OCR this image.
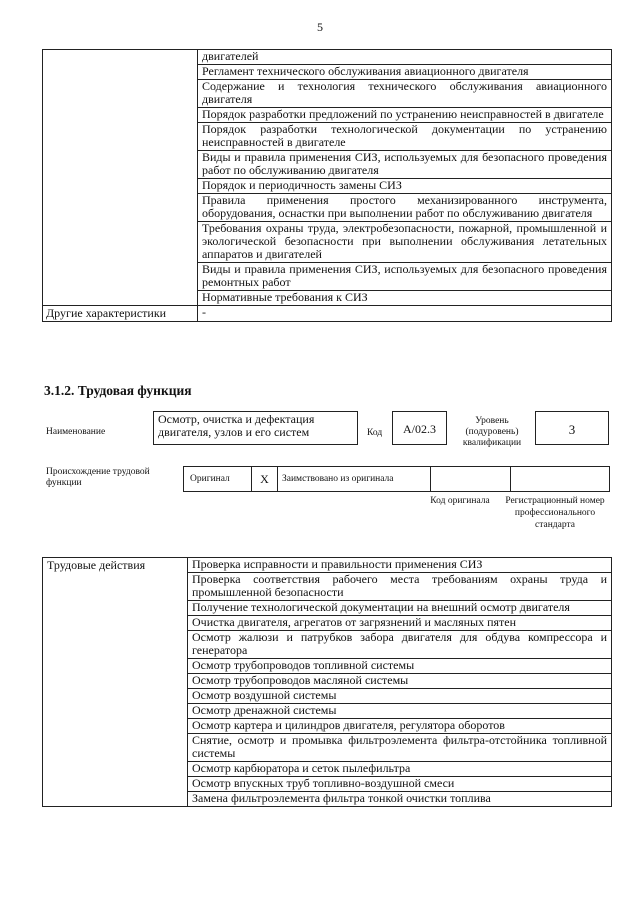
5
	двигателей
	Регламент технического обслуживания авиационного двигателя
	Содержание и технология технического обслуживания авиационного двигателя
	Порядок разработки предложений по устранению неисправностей в двигателе
	Порядок разработки технологической документации по устранению неисправностей в двигателе
	Виды и правила применения СИЗ, используемых для безопасного проведения работ по обслуживанию двигателя
	Порядок и периодичность замены СИЗ
	Правила применения простого механизированного инструмента, оборудования, оснастки при выполнении работ по обслуживанию двигателя
	Требования охраны труда, электробезопасности, пожарной, промышленной и экологической безопасности при выполнении обслуживания летательных аппаратов и двигателей
	Виды и правила применения СИЗ, используемых для безопасного проведения ремонтных работ
	Нормативные требования к СИЗ
Другие характеристики	-
3.1.2. Трудовая функция
Наименование
Осмотр, очистка и дефектация двигателя, узлов и его систем	Код	А/02.3
Уровень (подуровень) квалификации
3
Происхождение трудовой функции	Оригинал	Х	Заимствовано из оригинала
Код оригинала	Регистрационный номер профессионального стандарта
Трудовые действия	Проверка исправности и правильности применения СИЗ
Проверка соответствия рабочего места требованиям охраны труда и промышленной безопасности
Получение технологической документации на внешний осмотр двигателя
Очистка двигателя, агрегатов от загрязнений и масляных пятен
Осмотр жалюзи и патрубков забора двигателя для обдува компрессора и генератора
Осмотр трубопроводов топливной системы
Осмотр трубопроводов масляной системы
Осмотр воздушной системы
Осмотр дренажной системы
Осмотр картера и цилиндров двигателя, регулятора оборотов
Снятие, осмотр и промывка фильтроэлемента фильтра-отстойника топливной системы
Осмотр карбюратора и сеток пылефильтра
Осмотр впускных труб топливно-воздушной смеси
Замена фильтроэлемента фильтра тонкой очистки топлива
